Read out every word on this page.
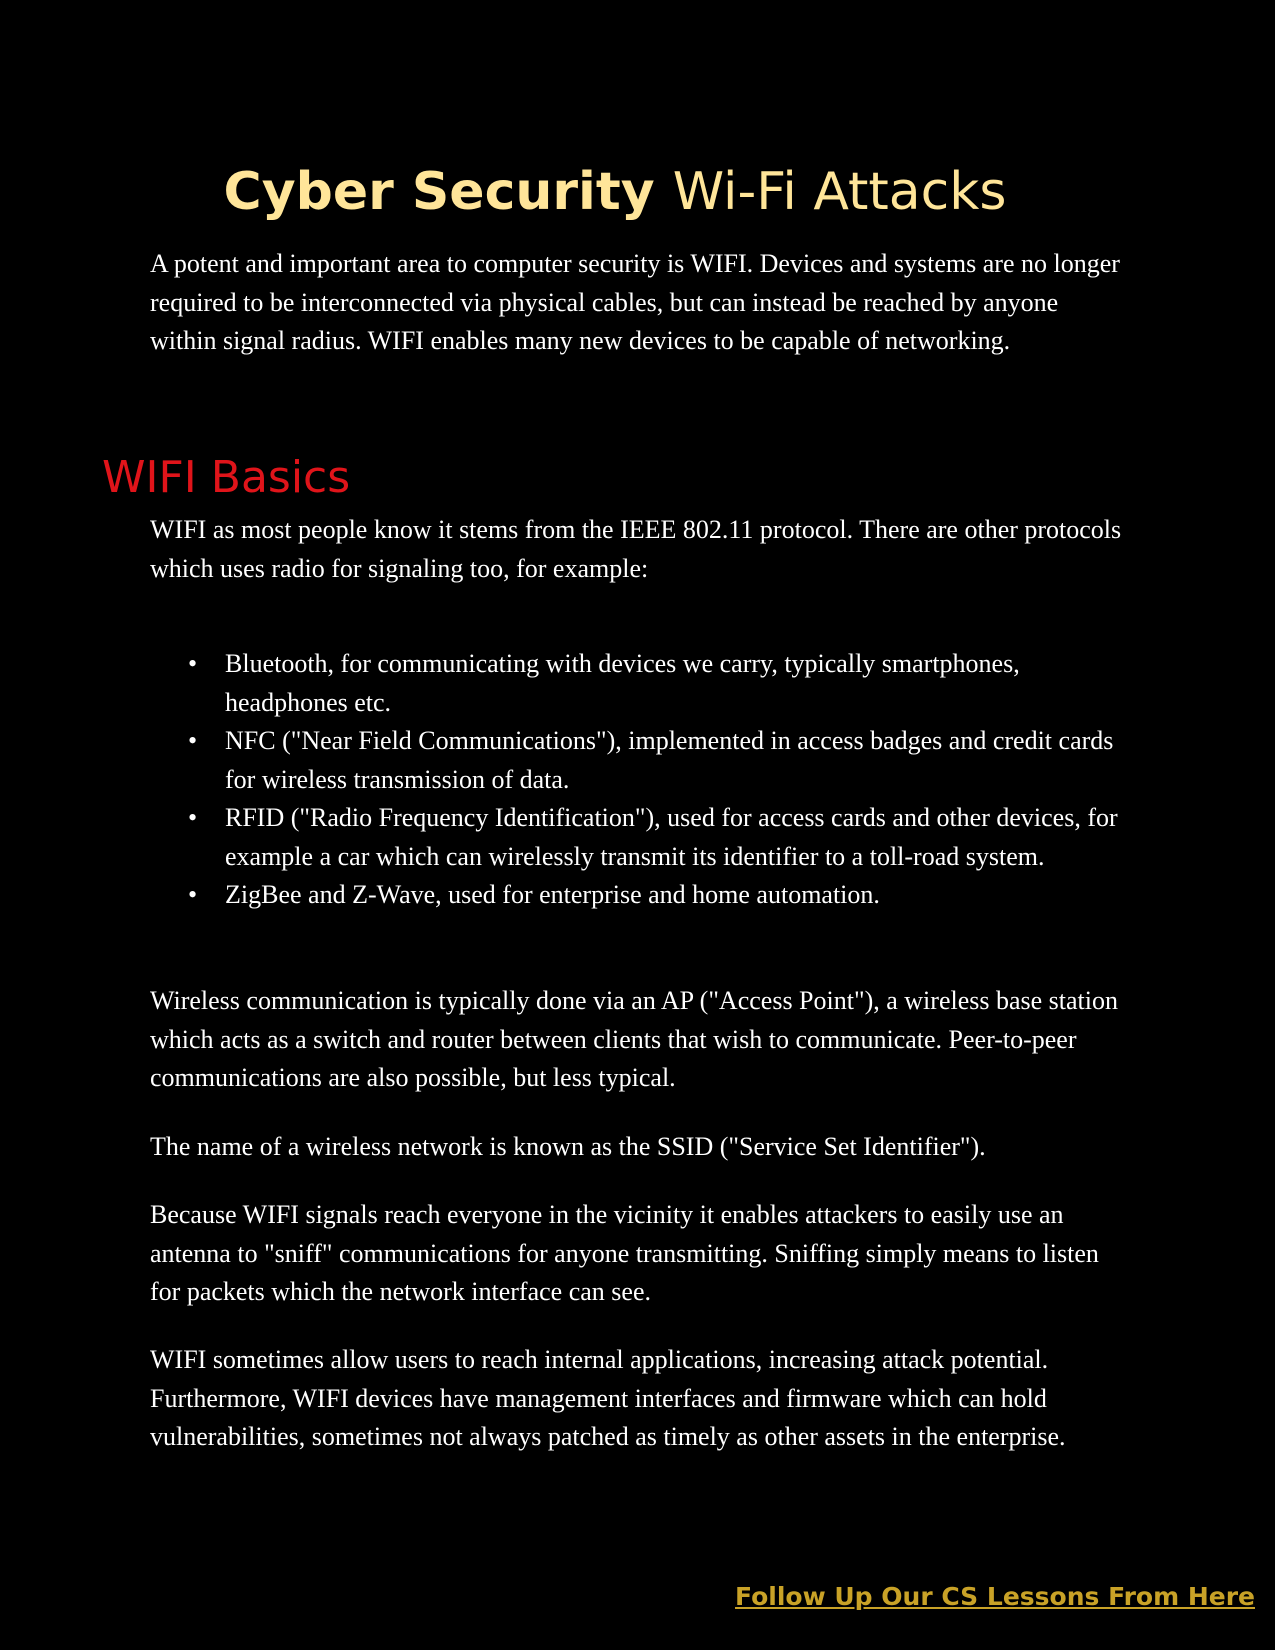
Cyber Security Wi-Fi Attacks

A potent and important area to computer security is WIFI. Devices and systems are no longer required to be interconnected via physical cables, but can instead be reached by anyone within signal radius. WIFI enables many new devices to be capable of networking.

WIFI Basics

WIFI as most people know it stems from the IEEE 802.11 protocol. There are other protocols which uses radio for signaling too, for example:

• Bluetooth, for communicating with devices we carry, typically smartphones, headphones etc.
• NFC ("Near Field Communications"), implemented in access badges and credit cards for wireless transmission of data.
• RFID ("Radio Frequency Identification"), used for access cards and other devices, for example a car which can wirelessly transmit its identifier to a toll-road system.
• ZigBee and Z-Wave, used for enterprise and home automation.

Wireless communication is typically done via an AP ("Access Point"), a wireless base station which acts as a switch and router between clients that wish to communicate. Peer-to-peer communications are also possible, but less typical.

The name of a wireless network is known as the SSID ("Service Set Identifier").

Because WIFI signals reach everyone in the vicinity it enables attackers to easily use an antenna to "sniff" communications for anyone transmitting. Sniffing simply means to listen for packets which the network interface can see.

WIFI sometimes allow users to reach internal applications, increasing attack potential. Furthermore, WIFI devices have management interfaces and firmware which can hold vulnerabilities, sometimes not always patched as timely as other assets in the enterprise.

Follow Up Our CS Lessons From Here
